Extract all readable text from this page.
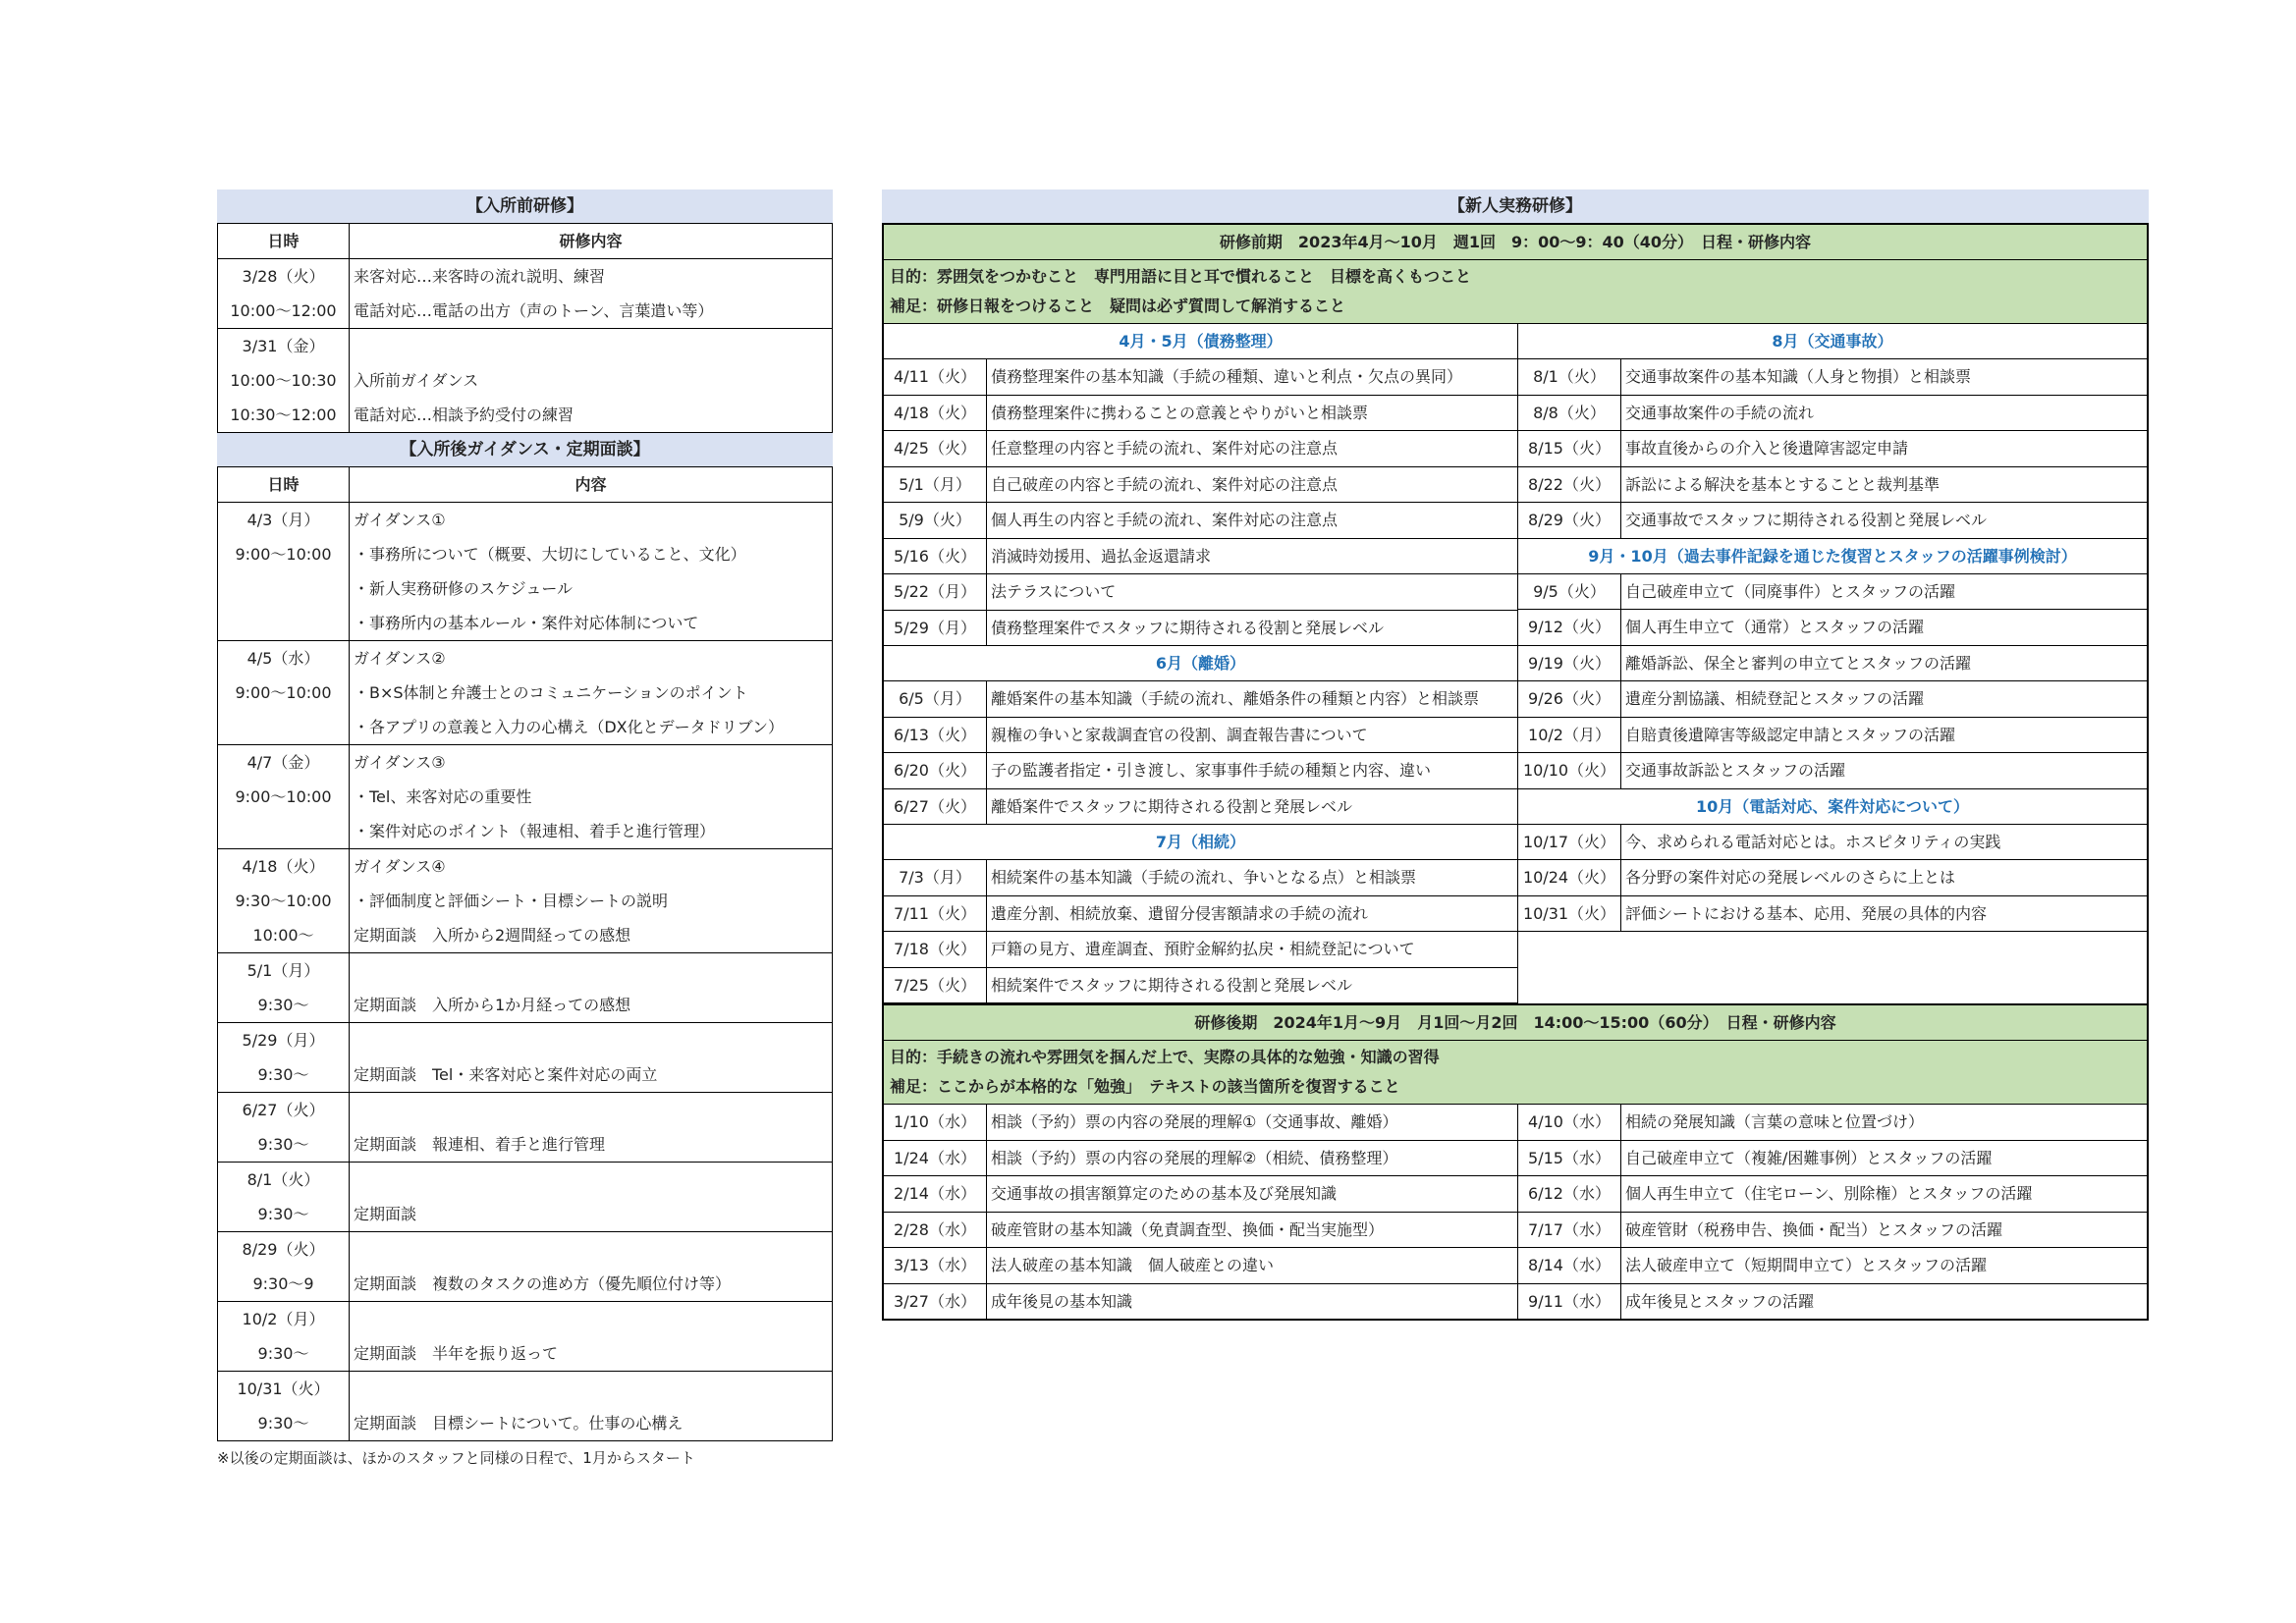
【入所前研修】
日時	研修内容
3/28（火）	来客対応…来客時の流れ説明、練習
10:00～12:00	電話対応…電話の出方（声のトーン、言葉遣い等）
3/31（金）	
10:00～10:30	入所前ガイダンス
10:30～12:00	電話対応…相談予約受付の練習
【入所後ガイダンス・定期面談】
日時	内容
4/3（月）	ガイダンス①
9:00～10:00	・事務所について（概要、大切にしていること、文化）
	・新人実務研修のスケジュール
	・事務所内の基本ルール・案件対応体制について
4/5（水）	ガイダンス②
9:00～10:00	・B×S体制と弁護士とのコミュニケーションのポイント
	・各アプリの意義と入力の心構え（DX化とデータドリブン）
4/7（金）	ガイダンス③
9:00～10:00	・Tel、来客対応の重要性
	・案件対応のポイント（報連相、着手と進行管理）
4/18（火）	ガイダンス④
9:30～10:00	・評価制度と評価シート・目標シートの説明
10:00～	定期面談　入所から2週間経っての感想
5/1（月）	
9:30～	定期面談　入所から1か月経っての感想
5/29（月）	
9:30～	定期面談　Tel・来客対応と案件対応の両立
6/27（火）	
9:30～	定期面談　報連相、着手と進行管理
8/1（火）	
9:30～	定期面談
8/29（火）	
9:30～9	定期面談　複数のタスクの進め方（優先順位付け等）
10/2（月）	
9:30～	定期面談　半年を振り返って
10/31（火）	
9:30～	定期面談　目標シートについて。仕事の心構え
※以後の定期面談は、ほかのスタッフと同様の日程で、1月からスタート
【新人実務研修】
研修前期　2023年4月～10月　週1回　9：00～9：40（40分）　日程・研修内容
目的：雰囲気をつかむこと　専門用語に目と耳で慣れること　目標を高くもつこと
補足：研修日報をつけること　疑問は必ず質問して解消すること
4月・5月（債務整理）
4/11（火） 債務整理案件の基本知識（手続の種類、違いと利点・欠点の異同）
4/18（火） 債務整理案件に携わることの意義とやりがいと相談票
4/25（火） 任意整理の内容と手続の流れ、案件対応の注意点
5/1（月）	自己破産の内容と手続の流れ、案件対応の注意点
5/9（火）	個人再生の内容と手続の流れ、案件対応の注意点
5/16（火） 消滅時効援用、過払金返還請求
5/22（月） 法テラスについて
5/29（月） 債務整理案件でスタッフに期待される役割と発展レベル
6月（離婚）
6/5（月）	離婚案件の基本知識（手続の流れ、離婚条件の種類と内容）と相談票
6/13（火） 親権の争いと家裁調査官の役割、調査報告書について
6/20（火） 子の監護者指定・引き渡し、家事事件手続の種類と内容、違い
6/27（火） 離婚案件でスタッフに期待される役割と発展レベル
7月（相続）
7/3（月）	相続案件の基本知識（手続の流れ、争いとなる点）と相談票
7/11（火） 遺産分割、相続放棄、遺留分侵害額請求の手続の流れ
7/18（火） 戸籍の見方、遺産調査、預貯金解約払戻・相続登記について
7/25（火） 相続案件でスタッフに期待される役割と発展レベル
8月（交通事故）
8/1（火）	交通事故案件の基本知識（人身と物損）と相談票
8/8（火）	交通事故案件の手続の流れ
8/15（火） 事故直後からの介入と後遺障害認定申請
8/22（火） 訴訟による解決を基本とすることと裁判基準
8/29（火） 交通事故でスタッフに期待される役割と発展レベル
9月・10月（過去事件記録を通じた復習とスタッフの活躍事例検討）
9/5（火）	自己破産申立て（同廃事件）とスタッフの活躍
9/12（火） 個人再生申立て（通常）とスタッフの活躍
9/19（火） 離婚訴訟、保全と審判の申立てとスタッフの活躍
9/26（火） 遺産分割協議、相続登記とスタッフの活躍
10/2（月） 自賠責後遺障害等級認定申請とスタッフの活躍
10/10（火） 交通事故訴訟とスタッフの活躍
10月（電話対応、案件対応について）
10/17（火） 今、求められる電話対応とは。ホスピタリティの実践
10/24（火） 各分野の案件対応の発展レベルのさらに上とは
10/31（火） 評価シートにおける基本、応用、発展の具体的内容
研修後期　2024年1月～9月　月1回～月2回　14:00～15:00（60分）　日程・研修内容
目的：手続きの流れや雰囲気を掴んだ上で、実際の具体的な勉強・知識の習得
補足：ここからが本格的な「勉強」　テキストの該当箇所を復習すること
1/10（水） 相談（予約）票の内容の発展的理解①（交通事故、離婚）
1/24（水） 相談（予約）票の内容の発展的理解②（相続、債務整理）
2/14（水） 交通事故の損害額算定のための基本及び発展知識
2/28（水） 破産管財の基本知識（免責調査型、換価・配当実施型）
3/13（水） 法人破産の基本知識　個人破産との違い
3/27（水） 成年後見の基本知識
4/10（水） 相続の発展知識（言葉の意味と位置づけ）
5/15（水） 自己破産申立て（複雑/困難事例）とスタッフの活躍
6/12（水） 個人再生申立て（住宅ローン、別除権）とスタッフの活躍
7/17（水） 破産管財（税務申告、換価・配当）とスタッフの活躍
8/14（水） 法人破産申立て（短期間申立て）とスタッフの活躍
9/11（水） 成年後見とスタッフの活躍
